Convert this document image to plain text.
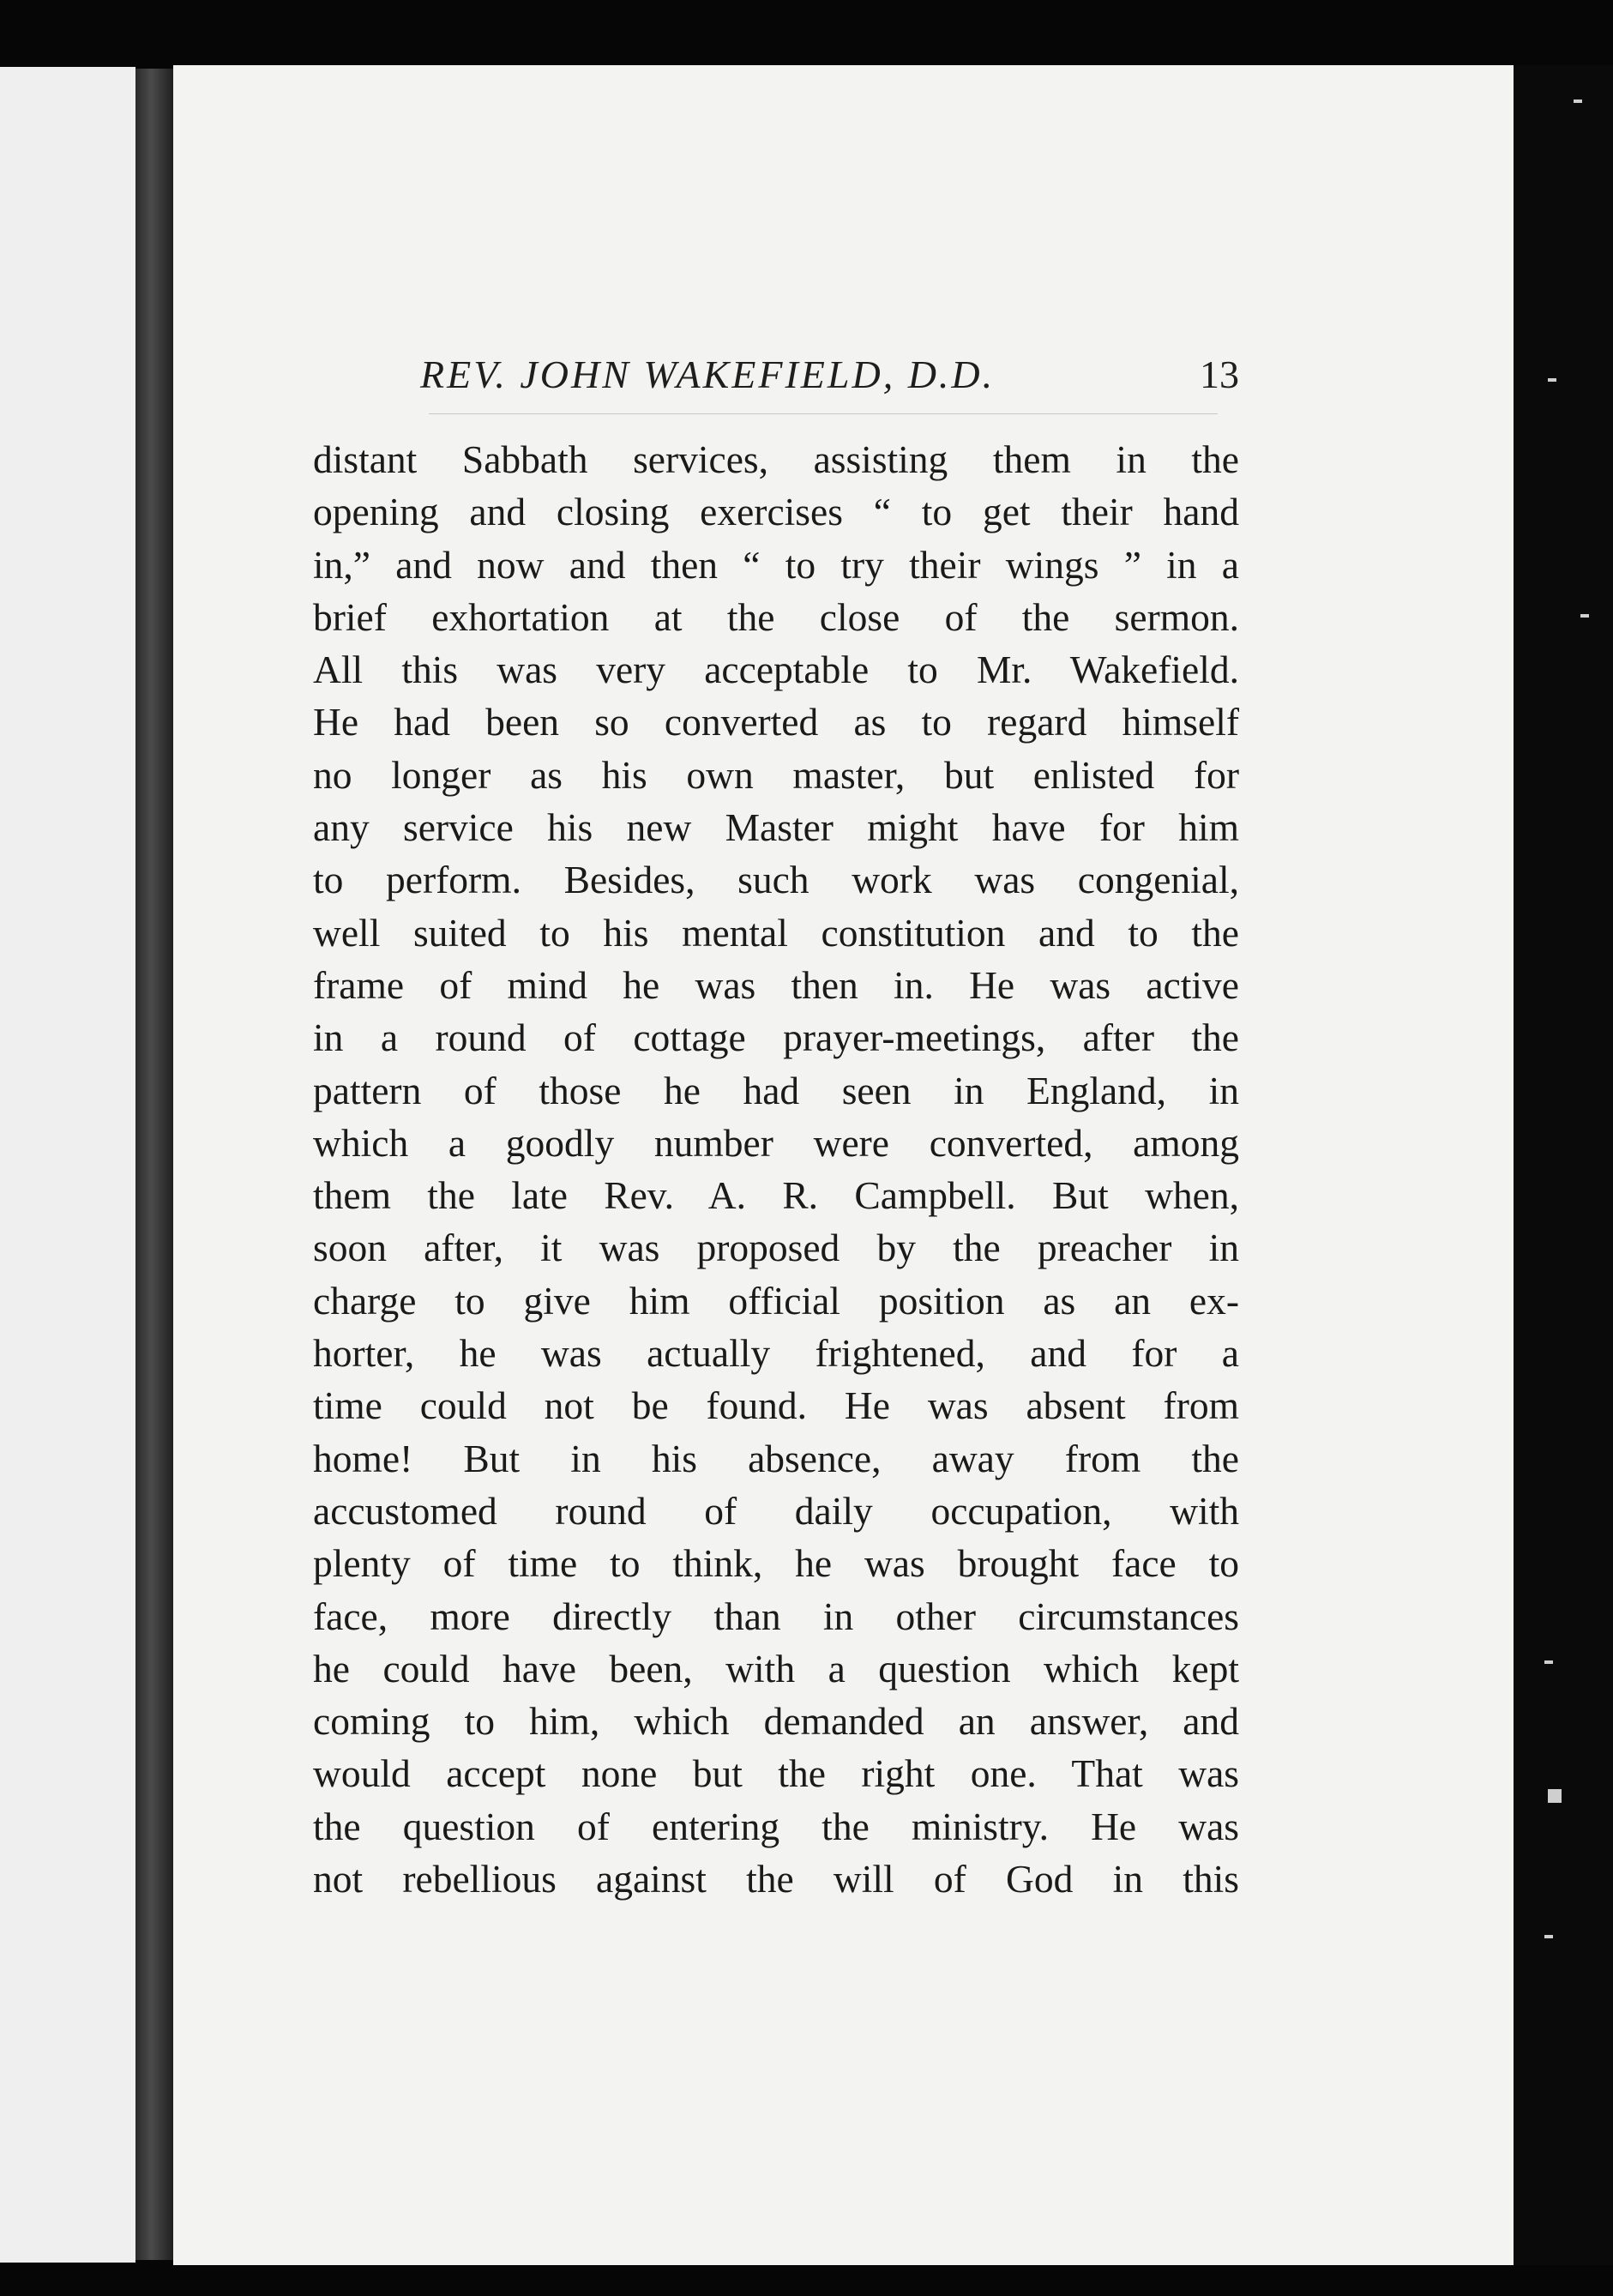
REV. JOHN WAKEFIELD, D.D.	13
distant Sabbath services, assisting them in the
opening and closing exercises “ to get their hand
in,” and now and then “ to try their wings ” in a
brief exhortation at the close of the sermon.
All this was very acceptable to Mr. Wakefield.
He had been so converted as to regard himself
no longer as his own master, but enlisted for
any service his new Master might have for him
to perform. Besides, such work was congenial,
well suited to his mental constitution and to the
frame of mind he was then in. He was active
in a round of cottage prayer-meetings, after the
pattern of those he had seen in England, in
which a goodly number were converted, among
them the late Rev. A. R. Campbell. But when,
soon after, it was proposed by the preacher in
charge to give him official position as an ex-
horter, he was actually frightened, and for a
time could not be found. He was absent from
home! But in his absence, away from the
accustomed round of daily occupation, with
plenty of time to think, he was brought face to
face, more directly than in other circumstances
he could have been, with a question which kept
coming to him, which demanded an answer, and
would accept none but the right one. That was
the question of entering the ministry. He was
not rebellious against the will of God in this
